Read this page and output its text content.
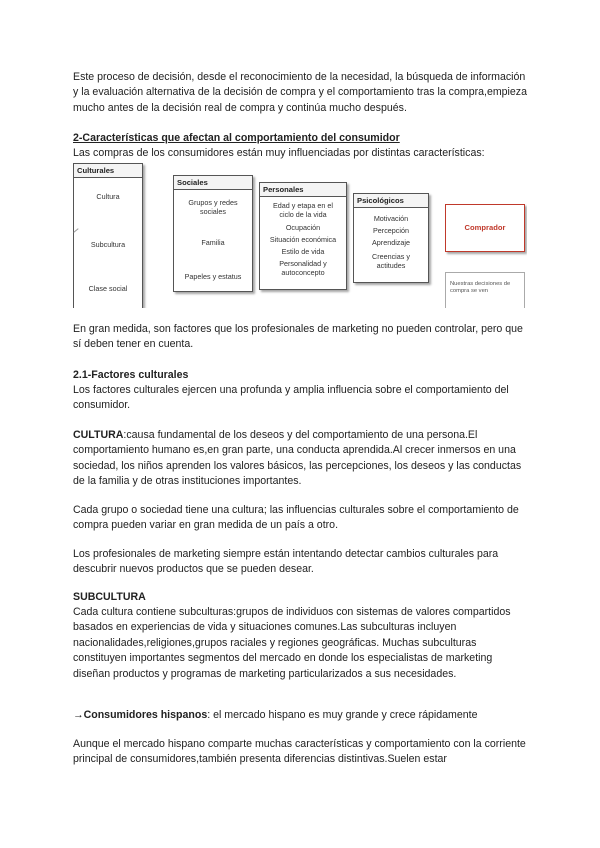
Este proceso de decisión, desde el reconocimiento de la necesidad, la búsqueda de información y la evaluación alternativa de la decisión de compra y el comportamiento tras la compra,empieza mucho antes de la decisión real de compra y continúa mucho después.

2-Características que afectan al comportamiento del consumidor

Las compras de los consumidores están muy influenciadas por distintas características:

Culturales
Cultura
Subcultura
Clase social
Sociales
Grupos y redes sociales
Familia
Papeles y estatus
Personales
Edad y etapa en el ciclo de la vida
Ocupación
Situación económica
Estilo de vida
Personalidad y autoconcepto
Psicológicos
Motivación
Percepción
Aprendizaje
Creencias y actitudes
Comprador
Nuestras decisiones de compra se ven

En gran medida, son factores que los profesionales de marketing no pueden controlar, pero que sí deben tener en cuenta.

2.1-Factores culturales

Los factores culturales ejercen una profunda y amplia influencia sobre el comportamiento del consumidor.

CULTURA:causa fundamental de los deseos y del comportamiento de una persona.El comportamiento humano es,en gran parte, una conducta aprendida.Al crecer inmersos en una sociedad, los niños aprenden los valores básicos, las percepciones, los deseos y las conductas de la familia y de otras instituciones importantes.

Cada grupo o sociedad tiene una cultura; las influencias culturales sobre el comportamiento de compra pueden variar en gran medida de un país a otro.

Los profesionales de marketing siempre están intentando detectar cambios culturales para descubrir nuevos productos que se pueden desear.

SUBCULTURA

Cada cultura contiene subculturas:grupos de individuos con sistemas de valores compartidos basados en experiencias de vida y situaciones comunes.Las subculturas incluyen nacionalidades,religiones,grupos raciales y regiones geográficas. Muchas subculturas constituyen importantes segmentos del mercado en donde los especialistas de marketing diseñan productos y programas de marketing particularizados a sus necesidades.

→Consumidores hispanos: el mercado hispano es muy grande y crece rápidamente

Aunque el mercado hispano comparte muchas características y comportamiento con la corriente principal de consumidores,también presenta diferencias distintivas.Suelen estar
